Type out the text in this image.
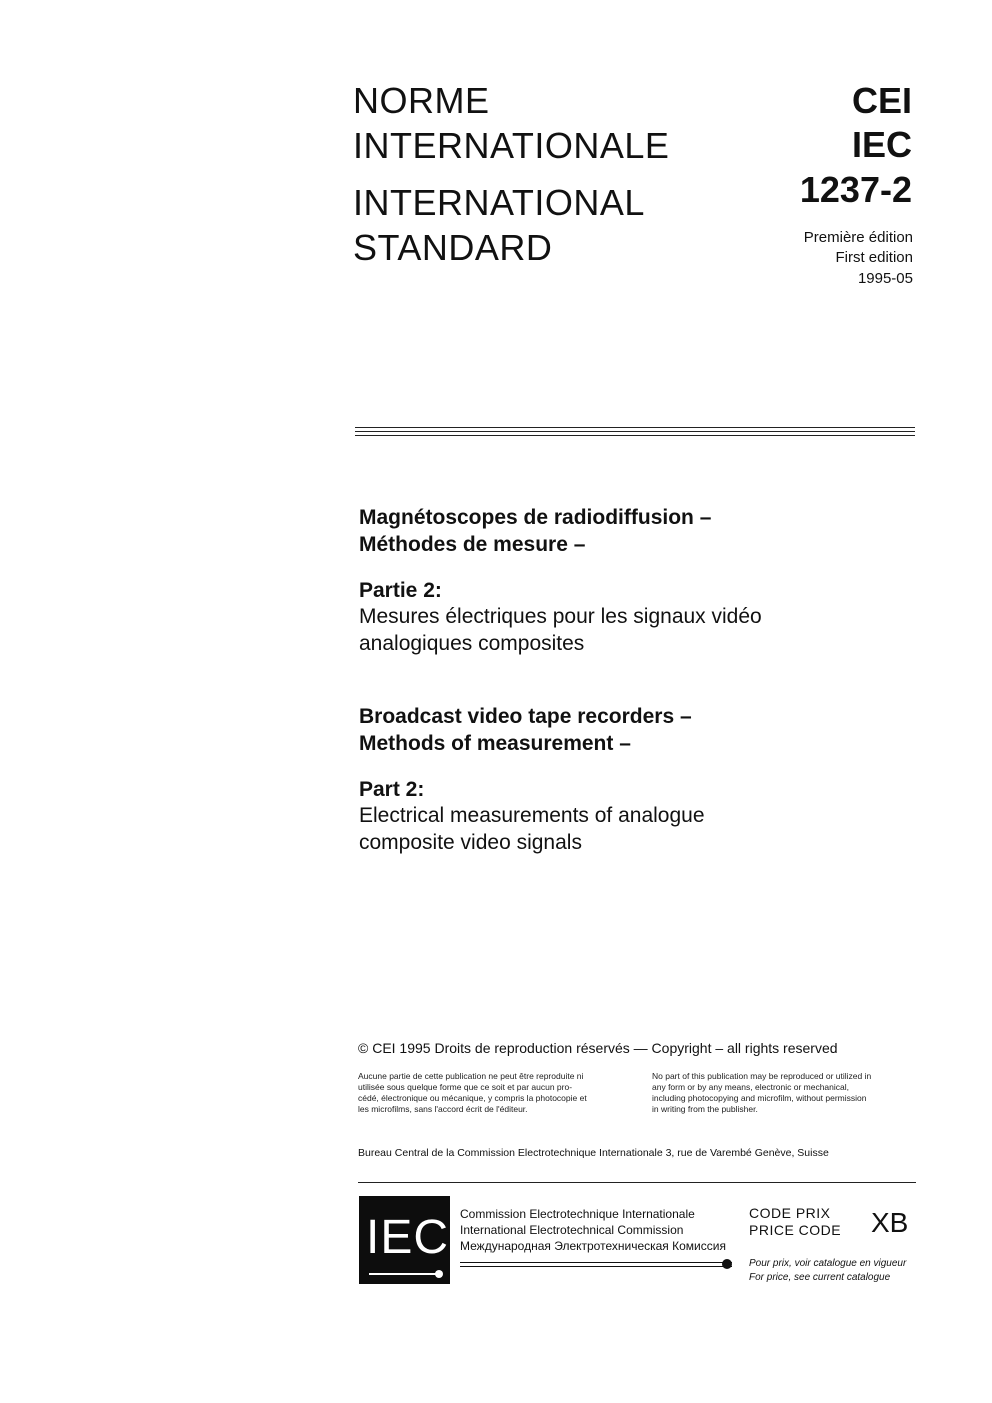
NORME
INTERNATIONALE
INTERNATIONAL
STANDARD
CEI
IEC
1237-2
Première édition
First edition
1995-05
Magnétoscopes de radiodiffusion –
Méthodes de mesure –
Partie 2:
Mesures électriques pour les signaux vidéo
analogiques composites
Broadcast video tape recorders –
Methods of measurement –
Part 2:
Electrical measurements of analogue
composite video signals
© CEI 1995 Droits de reproduction réservés — Copyright – all rights reserved
Aucune partie de cette publication ne peut être reproduite ni
utilisée sous quelque forme que ce soit et par aucun pro-
cédé, électronique ou mécanique, y compris la photocopie et
les microfilms, sans l'accord écrit de l'éditeur.
No part of this publication may be reproduced or utilized in
any form or by any means, electronic or mechanical,
including photocopying and microfilm, without permission
in writing from the publisher.
Bureau Central de la Commission Electrotechnique Internationale 3, rue de Varembé Genève, Suisse
IEC Commission Electrotechnique Internationale
International Electrotechnical Commission
Международная Электротехническая Комиссия
CODE PRIX
PRICE CODE XB
Pour prix, voir catalogue en vigueur
For price, see current catalogue
